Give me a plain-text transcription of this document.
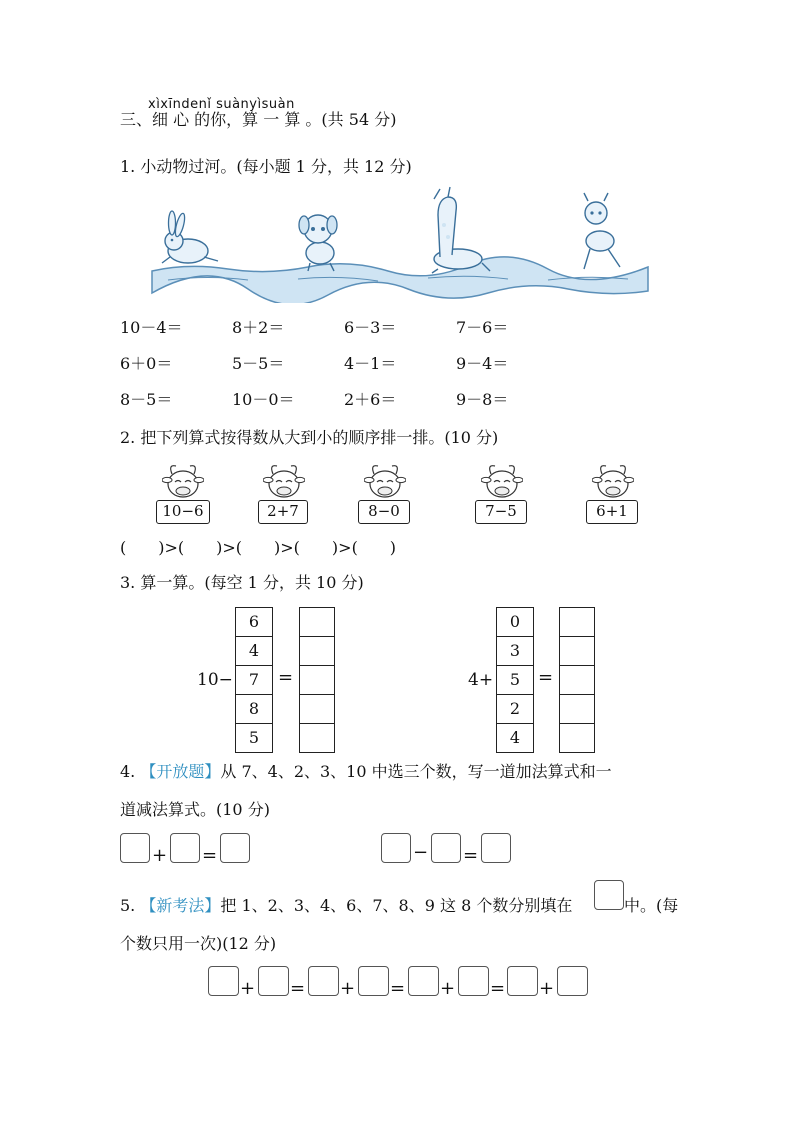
xìxīndenǐ suànyìsuàn
三、细 心 的你，算 一 算 。(共 54 分)
1. 小动物过河。(每小题 1 分，共 12 分)
10－4＝	8＋2＝	6－3＝	7－6＝
6＋0＝	5－5＝	4－1＝	9－4＝
8－5＝	10－0＝	2＋6＝	9－8＝
2. 把下列算式按得数从大到小的顺序排一排。(10 分)
10−6	2+7	8−0	7−5	6+1
(　　)>(　　)>(　　)>(　　)>(　　)
3. 算一算。(每空 1 分，共 10 分)
10−
6
4
7
8
5
=	4+
0
3
5
2
4
=
4. 【开放题】从 7、4、2、3、10 中选三个数，写一道加法算式和一
道减法算式。(10 分)
+ =	− =
5. 【新考法】把 1、2、3、4、6、7、8、9 这 8 个数分别填在	中。(每
个数只用一次)(12 分)
+ = + = + = +
